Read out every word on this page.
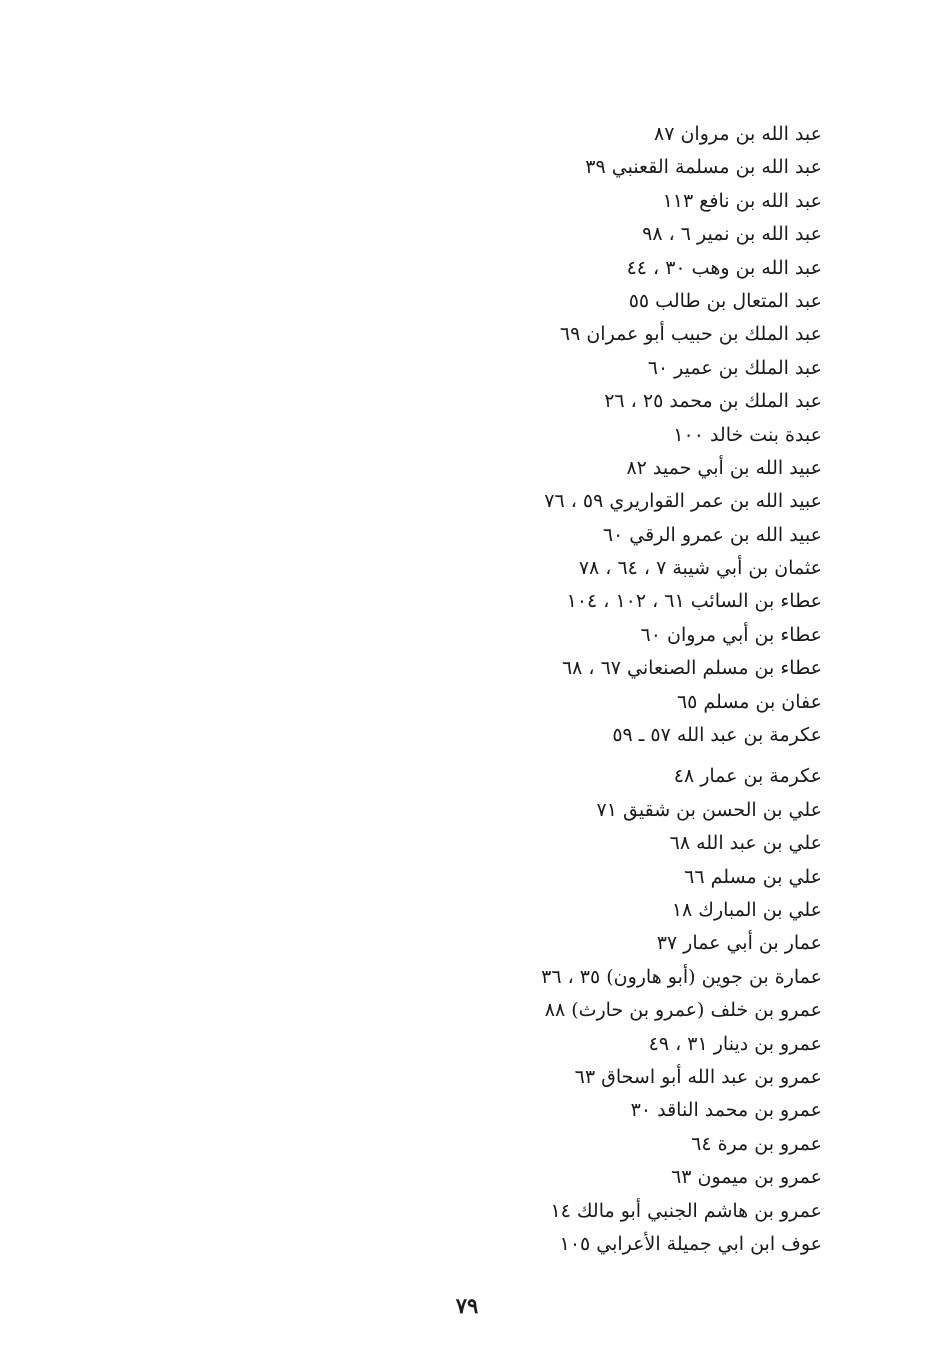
عبد الله بن مروان ٨٧
عبد الله بن مسلمة القعنبي ٣٩
عبد الله بن نافع ١١٣
عبد الله بن نمير ٦ ، ٩٨
عبد الله بن وهب ٣٠ ، ٤٤
عبد المتعال بن طالب ٥٥
عبد الملك بن حبيب أبو عمران ٦٩
عبد الملك بن عمير ٦٠
عبد الملك بن محمد ٢٥ ، ٢٦
عبدة بنت خالد ١٠٠
عبيد الله بن أبي حميد ٨٢
عبيد الله بن عمر القواريري ٥٩ ، ٧٦
عبيد الله بن عمرو الرقي ٦٠
عثمان بن أبي شيبة ٧ ، ٦٤ ، ٧٨
عطاء بن السائب ٦١ ، ١٠٢ ، ١٠٤
عطاء بن أبي مروان ٦٠
عطاء بن مسلم الصنعاني ٦٧ ، ٦٨
عفان بن مسلم ٦٥
عكرمة بن عبد الله ٥٧ ـ ٥٩
عكرمة بن عمار ٤٨
علي بن الحسن بن شقيق ٧١
علي بن عبد الله ٦٨
علي بن مسلم ٦٦
علي بن المبارك ١٨
عمار بن أبي عمار ٣٧
عمارة بن جوين (أبو هارون) ٣٥ ، ٣٦
عمرو بن خلف (عمرو بن حارث) ٨٨
عمرو بن دينار ٣١ ، ٤٩
عمرو بن عبد الله أبو اسحاق ٦٣
عمرو بن محمد الناقد ٣٠
عمرو بن مرة ٦٤
عمرو بن ميمون ٦٣
عمرو بن هاشم الجنبي أبو مالك ١٤
عوف ابن ابي جميلة الأعرابي ١٠٥
٧٩
